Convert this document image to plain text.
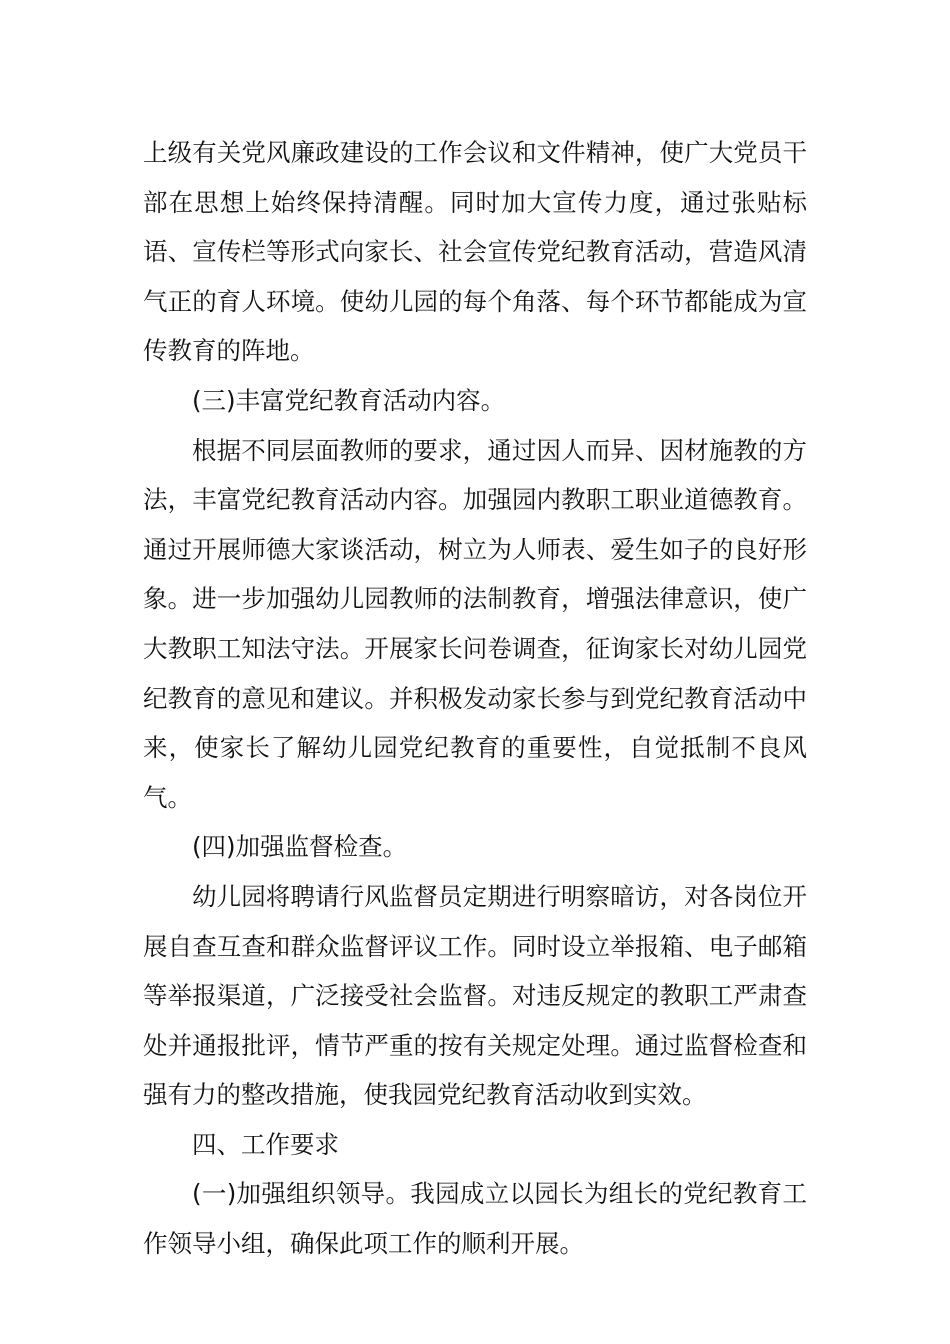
上级有关党风廉政建设的工作会议和文件精神，使广大党员干部在思想上始终保持清醒。同时加大宣传力度，通过张贴标语、宣传栏等形式向家长、社会宣传党纪教育活动，营造风清气正的育人环境。使幼儿园的每个角落、每个环节都能成为宣传教育的阵地。

(三)丰富党纪教育活动内容。

根据不同层面教师的要求，通过因人而异、因材施教的方法，丰富党纪教育活动内容。加强园内教职工职业道德教育。通过开展师德大家谈活动，树立为人师表、爱生如子的良好形象。进一步加强幼儿园教师的法制教育，增强法律意识，使广大教职工知法守法。开展家长问卷调查，征询家长对幼儿园党纪教育的意见和建议。并积极发动家长参与到党纪教育活动中来，使家长了解幼儿园党纪教育的重要性，自觉抵制不良风气。

(四)加强监督检查。

幼儿园将聘请行风监督员定期进行明察暗访，对各岗位开展自查互查和群众监督评议工作。同时设立举报箱、电子邮箱等举报渠道，广泛接受社会监督。对违反规定的教职工严肃查处并通报批评，情节严重的按有关规定处理。通过监督检查和强有力的整改措施，使我园党纪教育活动收到实效。

四、工作要求

(一)加强组织领导。我园成立以园长为组长的党纪教育工作领导小组，确保此项工作的顺利开展。
